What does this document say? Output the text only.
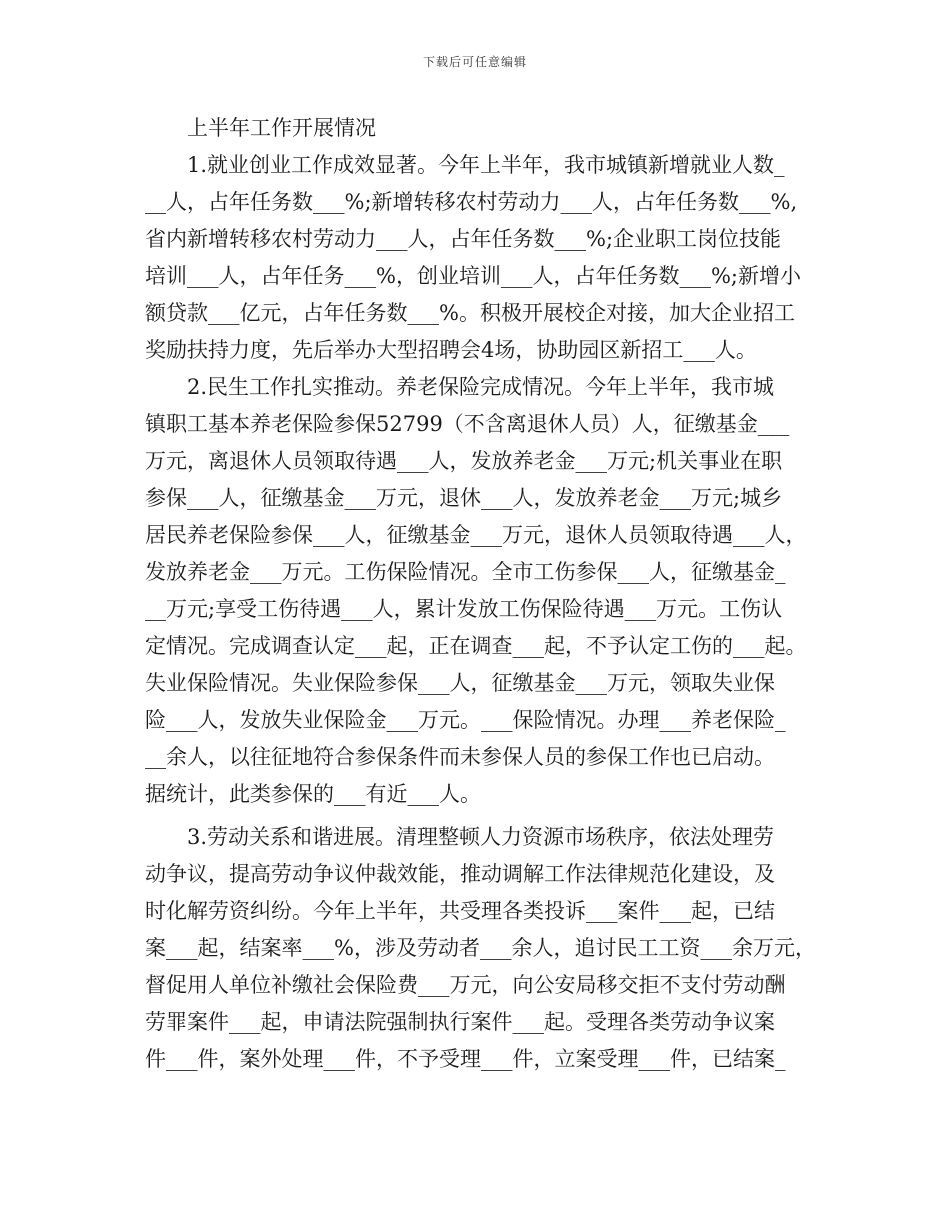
下载后可任意编辑
上半年工作开展情况
1.就业创业工作成效显著。今年上半年，我市城镇新增就业人数_
__人，占年任务数___%;新增转移农村劳动力___人，占年任务数___%,
省内新增转移农村劳动力___人，占年任务数___%;企业职工岗位技能
培训___人，占年任务___%，创业培训___人，占年任务数___%;新增小
额贷款___亿元，占年任务数___%。积极开展校企对接，加大企业招工
奖励扶持力度，先后举办大型招聘会4场，协助园区新招工___人。
2.民生工作扎实推动。养老保险完成情况。今年上半年，我市城
镇职工基本养老保险参保52799（不含离退休人员）人，征缴基金___
万元，离退休人员领取待遇___人，发放养老金___万元;机关事业在职
参保___人，征缴基金___万元，退休___人，发放养老金___万元;城乡
居民养老保险参保___人，征缴基金___万元，退休人员领取待遇___人，
发放养老金___万元。工伤保险情况。全市工伤参保___人，征缴基金_
__万元;享受工伤待遇___人，累计发放工伤保险待遇___万元。工伤认
定情况。完成调查认定___起，正在调查___起，不予认定工伤的___起。
失业保险情况。失业保险参保___人，征缴基金___万元，领取失业保
险___人，发放失业保险金___万元。___保险情况。办理___养老保险_
__余人，以往征地符合参保条件而未参保人员的参保工作也已启动。
据统计，此类参保的___有近___人。
3.劳动关系和谐进展。清理整顿人力资源市场秩序，依法处理劳
动争议，提高劳动争议仲裁效能，推动调解工作法律规范化建设，及
时化解劳资纠纷。今年上半年，共受理各类投诉___案件___起，已结
案___起，结案率___%，涉及劳动者___余人，追讨民工工资___余万元，
督促用人单位补缴社会保险费___万元，向公安局移交拒不支付劳动酬
劳罪案件___起，申请法院强制执行案件___起。受理各类劳动争议案
件___件，案外处理___件，不予受理___件，立案受理___件，已结案_
